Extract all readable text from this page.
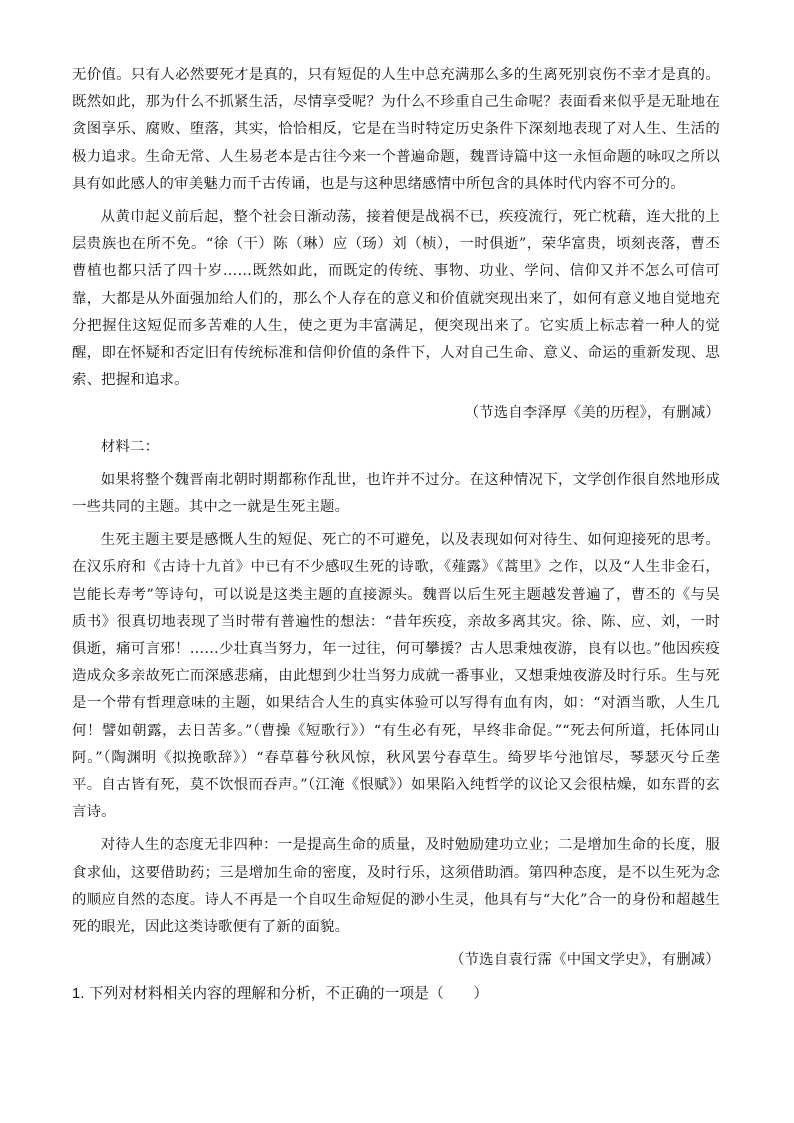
无价值。只有人必然要死才是真的，只有短促的人生中总充满那么多的生离死别哀伤不幸才是真的。既然如此，那为什么不抓紧生活，尽情享受呢？为什么不珍重自己生命呢？表面看来似乎是无耻地在贪图享乐、腐败、堕落，其实，恰恰相反，它是在当时特定历史条件下深刻地表现了对人生、生活的极力追求。生命无常、人生易老本是古往今来一个普遍命题，魏晋诗篇中这一永恒命题的咏叹之所以具有如此感人的审美魅力而千古传诵，也是与这种思绪感情中所包含的具体时代内容不可分的。

从黄巾起义前后起，整个社会日渐动荡，接着便是战祸不已，疾疫流行，死亡枕藉，连大批的上层贵族也在所不免。“徐（干）陈（琳）应（玚）刘（桢），一时俱逝”，荣华富贵，顷刻丧落，曹丕曹植也都只活了四十岁……既然如此，而既定的传统、事物、功业、学问、信仰又并不怎么可信可靠，大都是从外面强加给人们的，那么个人存在的意义和价值就突现出来了，如何有意义地自觉地充分把握住这短促而多苦难的人生，使之更为丰富满足，便突现出来了。它实质上标志着一种人的觉醒，即在怀疑和否定旧有传统标准和信仰价值的条件下，人对自己生命、意义、命运的重新发现、思索、把握和追求。

（节选自李泽厚《美的历程》，有删减）

材料二：

如果将整个魏晋南北朝时期都称作乱世，也许并不过分。在这种情况下，文学创作很自然地形成一些共同的主题。其中之一就是生死主题。

生死主题主要是感慨人生的短促、死亡的不可避免，以及表现如何对待生、如何迎接死的思考。在汉乐府和《古诗十九首》中已有不少感叹生死的诗歌，《薤露》《蒿里》之作，以及“人生非金石，岂能长寿考”等诗句，可以说是这类主题的直接源头。魏晋以后生死主题越发普遍了，曹丕的《与吴质书》很真切地表现了当时带有普遍性的想法：“昔年疾疫，亲故多离其灾。徐、陈、应、刘，一时俱逝，痛可言邪！……少壮真当努力，年一过往，何可攀援？古人思秉烛夜游，良有以也。”他因疾疫造成众多亲故死亡而深感悲痛，由此想到少壮当努力成就一番事业，又想秉烛夜游及时行乐。生与死是一个带有哲理意味的主题，如果结合人生的真实体验可以写得有血有肉，如：“对酒当歌，人生几何！譬如朝露，去日苦多。”（曹操《短歌行》）“有生必有死，早终非命促。”“死去何所道，托体同山阿。”（陶渊明《拟挽歌辞》）“春草暮兮秋风惊，秋风罢兮春草生。绮罗毕兮池馆尽，琴瑟灭兮丘垄平。自古皆有死，莫不饮恨而吞声。”（江淹《恨赋》）如果陷入纯哲学的议论又会很枯燥，如东晋的玄言诗。

对待人生的态度无非四种：一是提高生命的质量，及时勉励建功立业；二是增加生命的长度，服食求仙，这要借助药；三是增加生命的密度，及时行乐，这须借助酒。第四种态度，是不以生死为念的顺应自然的态度。诗人不再是一个自叹生命短促的渺小生灵，他具有与“大化”合一的身份和超越生死的眼光，因此这类诗歌便有了新的面貌。

（节选自袁行霈《中国文学史》，有删减）

1. 下列对材料相关内容的理解和分析，不正确的一项是（　　）
